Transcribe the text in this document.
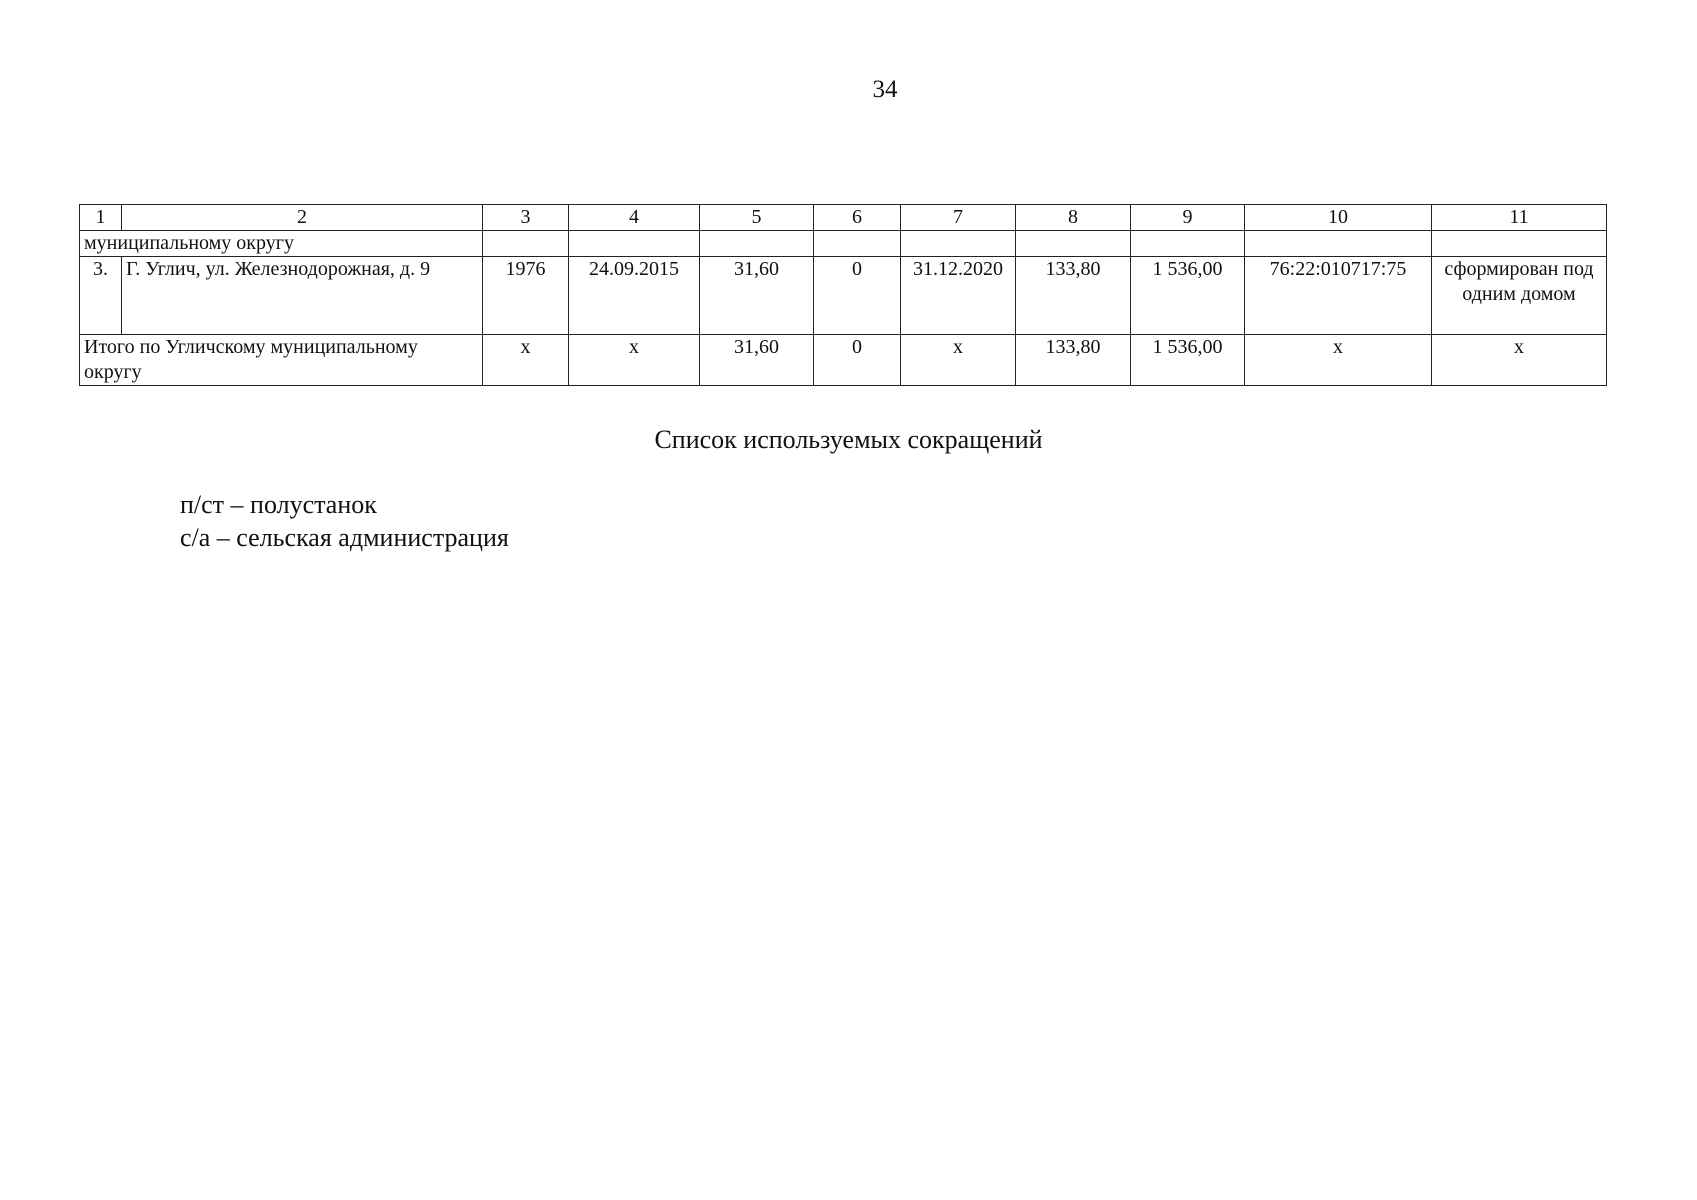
34
1	2	3	4	5	6	7	8	9	10	11
муниципальному округу										
3.	Г. Углич, ул. Железнодорожная, д. 9	1976	24.09.2015	31,60	0	31.12.2020	133,80	1 536,00	76:22:010717:75	сформирован под одним домом
Итого по Угличскому муниципальному округу		х	х	31,60	0	х	133,80	1 536,00	х	х
Список используемых сокращений
п/ст – полустанок
с/а – сельская администрация
